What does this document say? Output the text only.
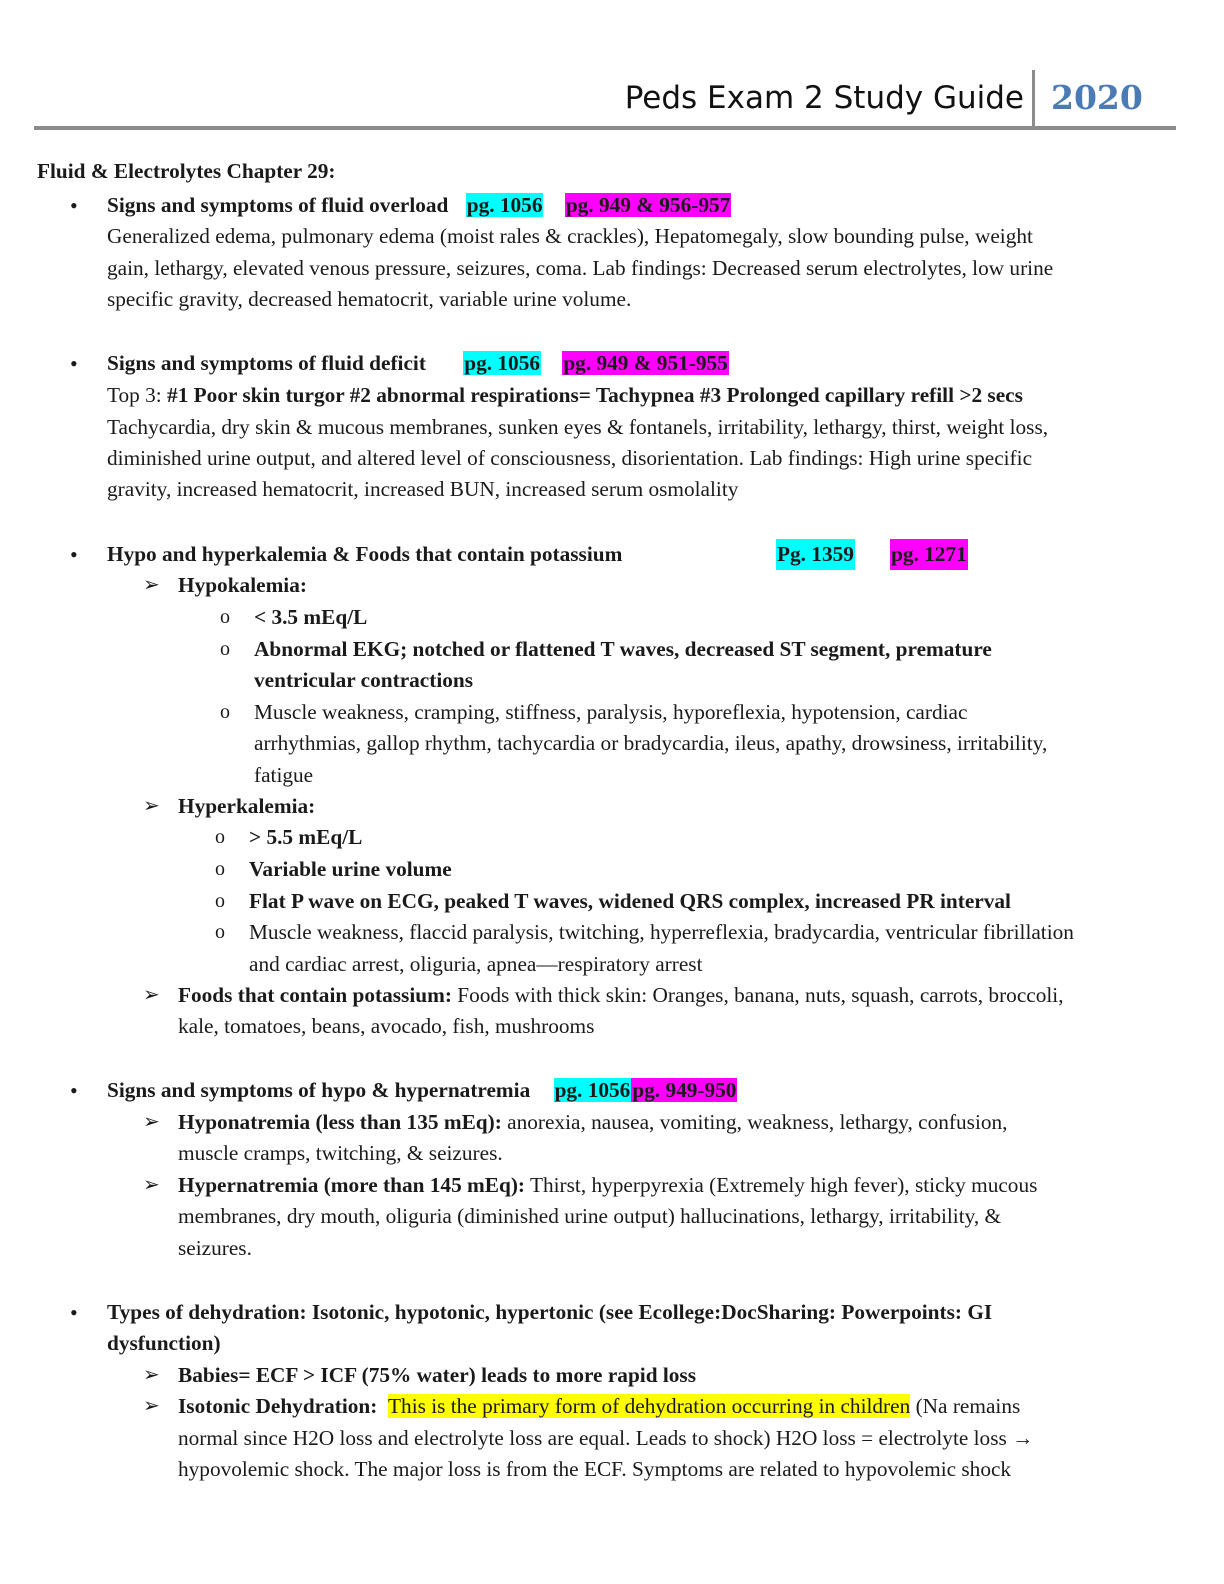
Peds Exam 2 Study Guide 2020
Fluid & Electrolytes Chapter 29:
• Signs and symptoms of fluid overload pg. 1056 pg. 949 & 956-957
Generalized edema, pulmonary edema (moist rales & crackles), Hepatomegaly, slow bounding pulse, weight
gain, lethargy, elevated venous pressure, seizures, coma. Lab findings: Decreased serum electrolytes, low urine
specific gravity, decreased hematocrit, variable urine volume.
• Signs and symptoms of fluid deficit pg. 1056 pg. 949 & 951-955
Top 3: #1 Poor skin turgor #2 abnormal respirations= Tachypnea #3 Prolonged capillary refill >2 secs
Tachycardia, dry skin & mucous membranes, sunken eyes & fontanels, irritability, lethargy, thirst, weight loss,
diminished urine output, and altered level of consciousness, disorientation. Lab findings: High urine specific
gravity, increased hematocrit, increased BUN, increased serum osmolality
• Hypo and hyperkalemia & Foods that contain potassium	Pg. 1359 pg. 1271
➢ Hypokalemia:
o < 3.5 mEq/L
o Abnormal EKG; notched or flattened T waves, decreased ST segment, premature
ventricular contractions
o Muscle weakness, cramping, stiffness, paralysis, hyporeflexia, hypotension, cardiac
arrhythmias, gallop rhythm, tachycardia or bradycardia, ileus, apathy, drowsiness, irritability,
fatigue
➢ Hyperkalemia:
o > 5.5 mEq/L
o Variable urine volume
o Flat P wave on ECG, peaked T waves, widened QRS complex, increased PR interval
o Muscle weakness, flaccid paralysis, twitching, hyperreflexia, bradycardia, ventricular fibrillation
and cardiac arrest, oliguria, apnea—respiratory arrest
➢ Foods that contain potassium: Foods with thick skin: Oranges, banana, nuts, squash, carrots, broccoli,
kale, tomatoes, beans, avocado, fish, mushrooms
• Signs and symptoms of hypo & hypernatremia pg. 1056pg. 949-950
➢ Hyponatremia (less than 135 mEq): anorexia, nausea, vomiting, weakness, lethargy, confusion,
muscle cramps, twitching, & seizures.
➢ Hypernatremia (more than 145 mEq): Thirst, hyperpyrexia (Extremely high fever), sticky mucous
membranes, dry mouth, oliguria (diminished urine output) hallucinations, lethargy, irritability, &
seizures.
• Types of dehydration: Isotonic, hypotonic, hypertonic (see Ecollege:DocSharing: Powerpoints: GI
dysfunction)
➢ Babies= ECF > ICF (75% water) leads to more rapid loss
➢ Isotonic Dehydration: This is the primary form of dehydration occurring in children (Na remains
normal since H2O loss and electrolyte loss are equal. Leads to shock) H2O loss = electrolyte loss →
hypovolemic shock. The major loss is from the ECF. Symptoms are related to hypovolemic shock
